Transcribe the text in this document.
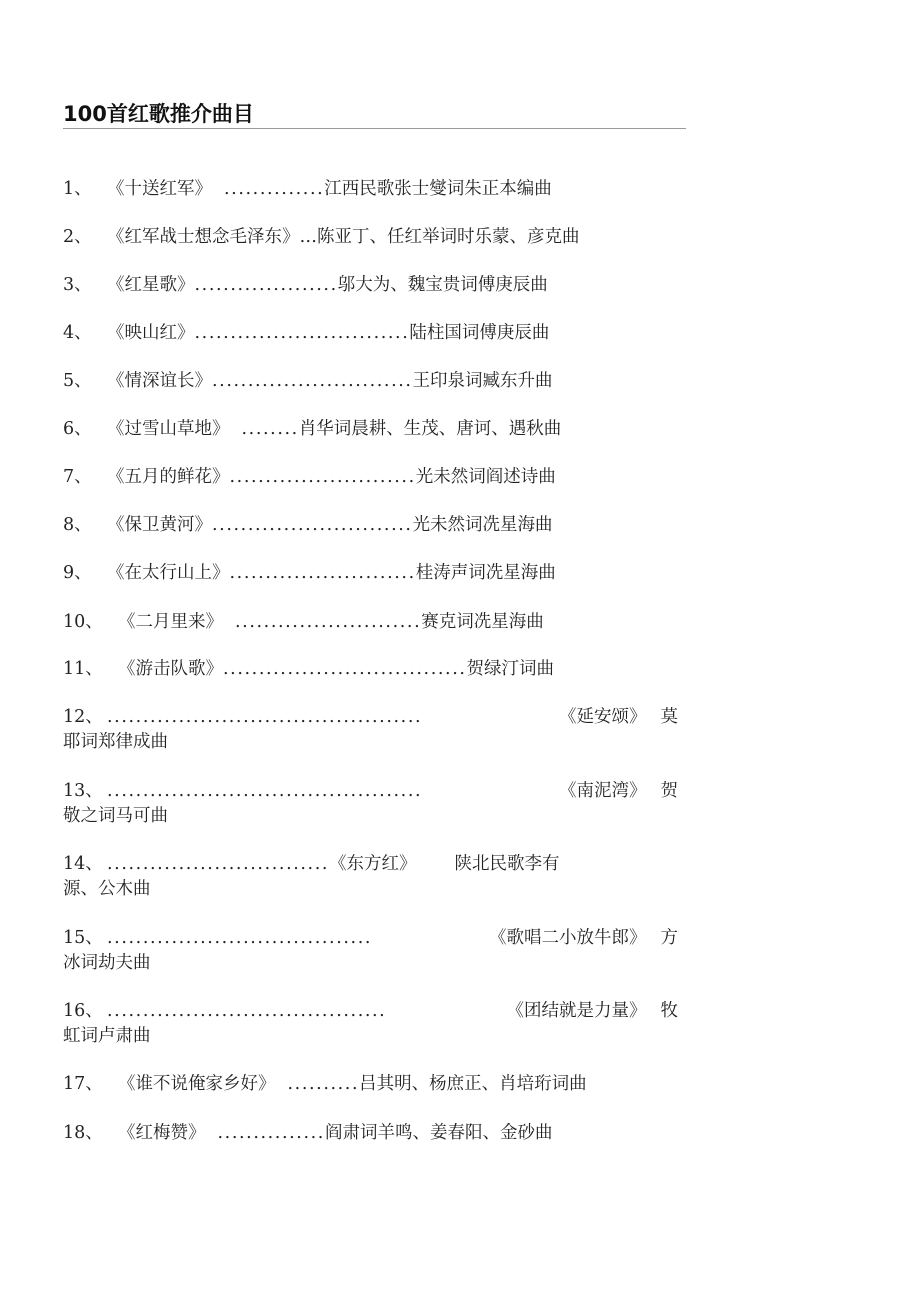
100首红歌推介曲目
1、 《十送红军》 ..............江西民歌张士燮词朱正本编曲
2、 《红军战士想念毛泽东》…陈亚丁、任红举词时乐蒙、彦克曲
3、 《红星歌》....................邬大为、魏宝贵词傅庚辰曲
4、 《映山红》..............................陆柱国词傅庚辰曲
5、 《情深谊长》............................王印泉词臧东升曲
6、 《过雪山草地》 ........肖华词晨耕、生茂、唐诃、遇秋曲
7、 《五月的鲜花》..........................光未然词阎述诗曲
8、 《保卫黄河》............................光未然词冼星海曲
9、 《在太行山上》..........................桂涛声词冼星海曲
10、 《二月里来》 ..........................赛克词冼星海曲
11、 《游击队歌》..................................贺绿汀词曲
12、 ............................................	《延安颂》 莫
耶词郑律成曲
13、 ............................................	《南泥湾》 贺
敬之词马可曲
14、 ...............................《东方红》 陕北民歌李有
源、公木曲
15、 .....................................	《歌唱二小放牛郎》 方
冰词劫夫曲
16、 .......................................	《团结就是力量》 牧
虹词卢肃曲
17、 《谁不说俺家乡好》 ..........吕其明、杨庶正、肖培珩词曲
18、 《红梅赞》 ...............阎肃词羊鸣、姜春阳、金砂曲
